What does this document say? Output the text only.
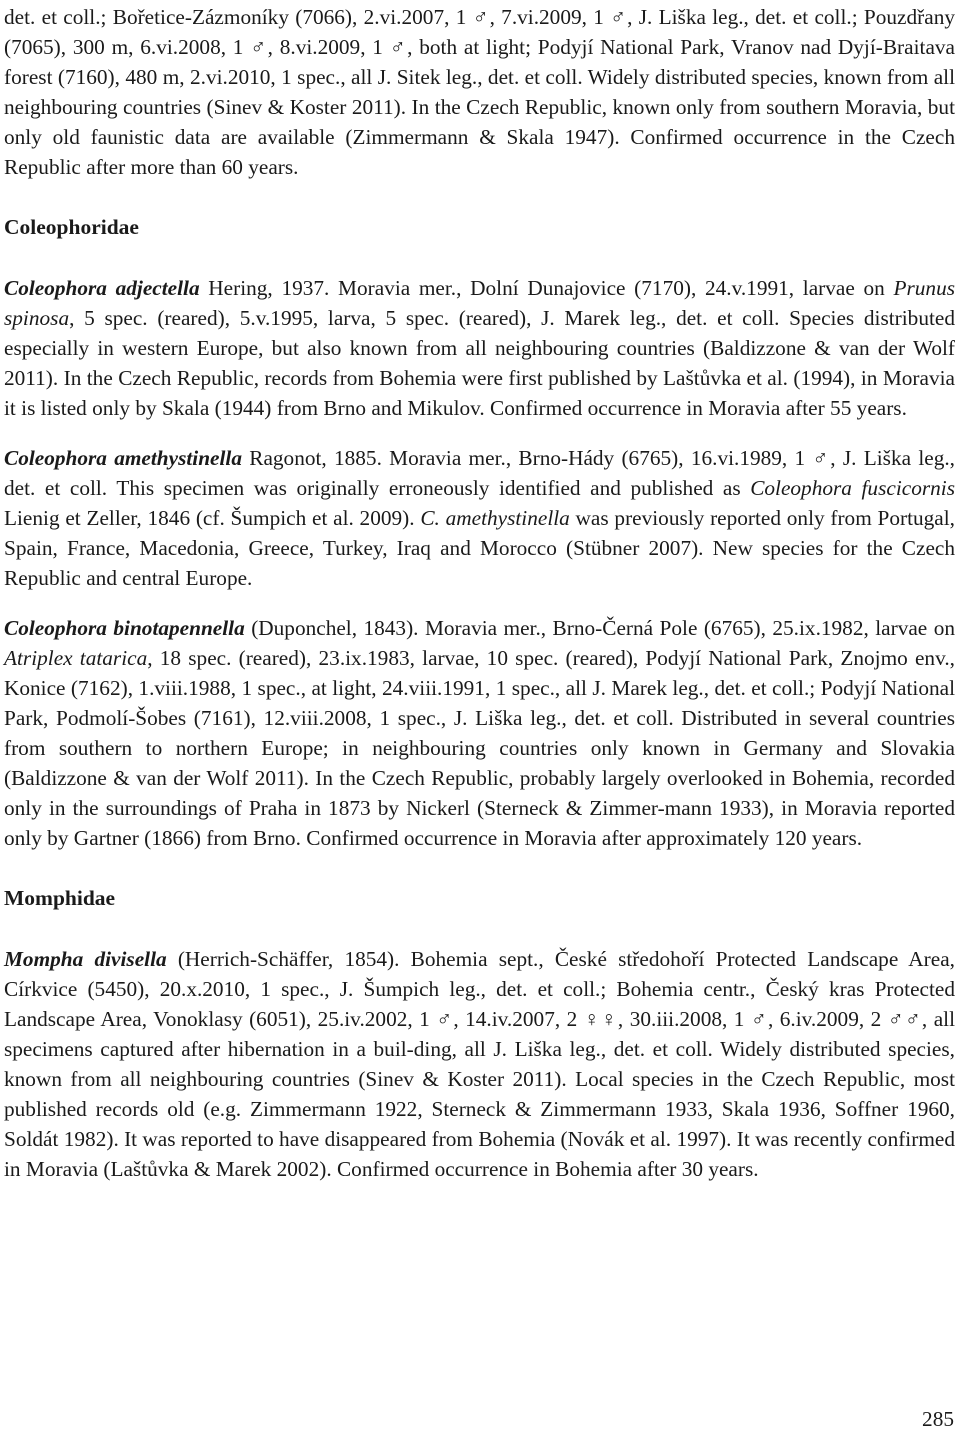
det. et coll.; Bořetice-Zázmoníky (7066), 2.vi.2007, 1 ♂, 7.vi.2009, 1 ♂, J. Liška leg., det. et coll.; Pouzdřany (7065), 300 m, 6.vi.2008, 1 ♂, 8.vi.2009, 1 ♂, both at light; Podyjí National Park, Vranov nad Dyjí-Braitava forest (7160), 480 m, 2.vi.2010, 1 spec., all J. Sitek leg., det. et coll. Widely distributed species, known from all neighbouring countries (Sinev & Koster 2011). In the Czech Republic, known only from southern Moravia, but only old faunistic data are available (Zimmermann & Skala 1947). Confirmed occurrence in the Czech Republic after more than 60 years.

Coleophoridae

Coleophora adjectella Hering, 1937. Moravia mer., Dolní Dunajovice (7170), 24.v.1991, larvae on Prunus spinosa, 5 spec. (reared), 5.v.1995, larva, 5 spec. (reared), J. Marek leg., det. et coll. Species distributed especially in western Europe, but also known from all neighbouring countries (Baldizzone & van der Wolf 2011). In the Czech Republic, records from Bohemia were first published by Laštůvka et al. (1994), in Moravia it is listed only by Skala (1944) from Brno and Mikulov. Confirmed occurrence in Moravia after 55 years.

Coleophora amethystinella Ragonot, 1885. Moravia mer., Brno-Hády (6765), 16.vi.1989, 1 ♂, J. Liška leg., det. et coll. This specimen was originally erroneously identified and published as Coleophora fuscicornis Lienig et Zeller, 1846 (cf. Šumpich et al. 2009). C. amethystinella was previously reported only from Portugal, Spain, France, Macedonia, Greece, Turkey, Iraq and Morocco (Stübner 2007). New species for the Czech Republic and central Europe.

Coleophora binotapennella (Duponchel, 1843). Moravia mer., Brno-Černá Pole (6765), 25.ix.1982, larvae on Atriplex tatarica, 18 spec. (reared), 23.ix.1983, larvae, 10 spec. (reared), Podyjí National Park, Znojmo env., Konice (7162), 1.viii.1988, 1 spec., at light, 24.viii.1991, 1 spec., all J. Marek leg., det. et coll.; Podyjí National Park, Podmolí-Šobes (7161), 12.viii.2008, 1 spec., J. Liška leg., det. et coll. Distributed in several countries from southern to northern Europe; in neighbouring countries only known in Germany and Slovakia (Baldizzone & van der Wolf 2011). In the Czech Republic, probably largely overlooked in Bohemia, recorded only in the surroundings of Praha in 1873 by Nickerl (Sterneck & Zimmer-mann 1933), in Moravia reported only by Gartner (1866) from Brno. Confirmed occurrence in Moravia after approximately 120 years.

Momphidae

Mompha divisella (Herrich-Schäffer, 1854). Bohemia sept., České středohoří Protected Landscape Area, Církvice (5450), 20.x.2010, 1 spec., J. Šumpich leg., det. et coll.; Bohemia centr., Český kras Protected Landscape Area, Vonoklasy (6051), 25.iv.2002, 1 ♂, 14.iv.2007, 2 ♀♀, 30.iii.2008, 1 ♂, 6.iv.2009, 2 ♂♂, all specimens captured after hibernation in a buil-ding, all J. Liška leg., det. et coll. Widely distributed species, known from all neighbouring countries (Sinev & Koster 2011). Local species in the Czech Republic, most published records old (e.g. Zimmermann 1922, Sterneck & Zimmermann 1933, Skala 1936, Soffner 1960, Soldát 1982). It was reported to have disappeared from Bohemia (Novák et al. 1997). It was recently confirmed in Moravia (Laštůvka & Marek 2002). Confirmed occurrence in Bohemia after 30 years.

285
